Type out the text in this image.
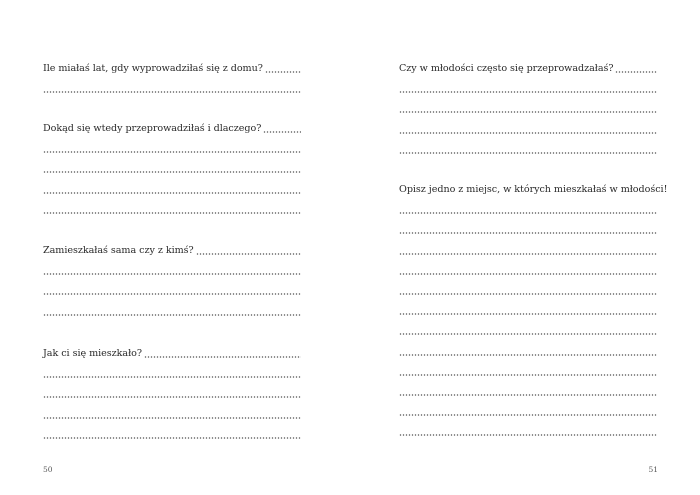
Ile miałaś lat, gdy wyprowadziłaś się z domu?
Dokąd się wtedy przeprowadziłaś i dlaczego?
Zamieszkałaś sama czy z kimś?
Jak ci się mieszkało?
50
Czy w młodości często się przeprowadzałaś?
Opisz jedno z miejsc, w których mieszkałaś w młodości!
51
